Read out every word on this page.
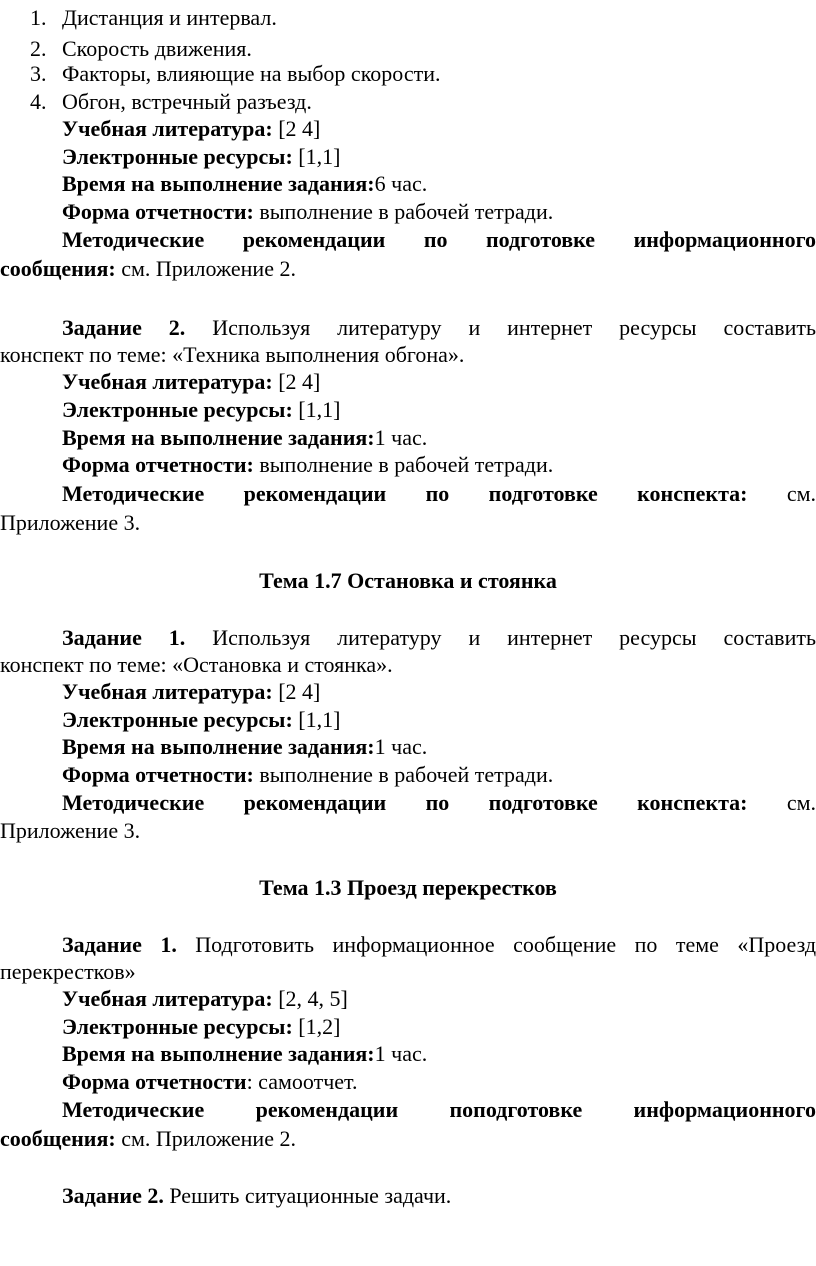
1. Дистанция и интервал.
2. Скорость движения.
3. Факторы, влияющие на выбор скорости.
4. Обгон, встречный разъезд.
Учебная литература: [2 4]
Электронные ресурсы: [1,1]
Время на выполнение задания:6 час.
Форма отчетности: выполнение в рабочей тетради.
Методические рекомендации по подготовке информационного
сообщения: см. Приложение 2.
Задание 2. Используя литературу и интернет ресурсы составить
конспект по теме: «Техника выполнения обгона».
Учебная литература: [2 4]
Электронные ресурсы: [1,1]
Время на выполнение задания:1 час.
Форма отчетности: выполнение в рабочей тетради.
Методические рекомендации по подготовке конспекта: см.
Приложение 3.
Тема 1.7 Остановка и стоянка
Задание 1. Используя литературу и интернет ресурсы составить
конспект по теме: «Остановка и стоянка».
Учебная литература: [2 4]
Электронные ресурсы: [1,1]
Время на выполнение задания:1 час.
Форма отчетности: выполнение в рабочей тетради.
Методические рекомендации по подготовке конспекта: см.
Приложение 3.
Тема 1.3 Проезд перекрестков
Задание 1. Подготовить информационное сообщение по теме «Проезд
перекрестков»
Учебная литература: [2, 4, 5]
Электронные ресурсы: [1,2]
Время на выполнение задания:1 час.
Форма отчетности: самоотчет.
Методические рекомендации поподготовке информационного
сообщения: см. Приложение 2.
Задание 2. Решить ситуационные задачи.
